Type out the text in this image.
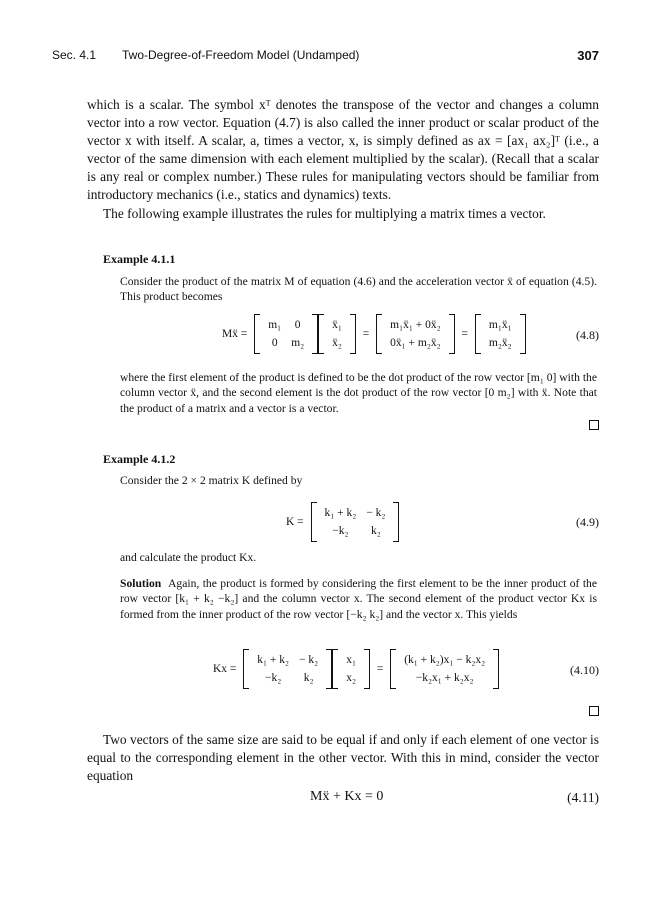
Sec. 4.1 Two-Degree-of-Freedom Model (Undamped)	307

which is a scalar. The symbol xᵀ denotes the transpose of the vector and changes a column vector into a row vector. Equation (4.7) is also called the inner product or scalar product of the vector x with itself. A scalar, a, times a vector, x, is simply defined as ax = [ax₁ ax₂]ᵀ (i.e., a vector of the same dimension with each element multiplied by the scalar). (Recall that a scalar is any real or complex number.) These rules for manipulating vectors should be familiar from introductory mechanics (i.e., statics and dynamics) texts.

The following example illustrates the rules for multiplying a matrix times a vector.

Example 4.1.1

Consider the product of the matrix M of equation (4.6) and the acceleration vector ẍ of equation (4.5). This product becomes

Mẍ =
m₁	0
0	m₂
ẍ₁
ẍ₂
=
m₁ẍ₁ + 0ẍ₂
0ẍ₁ + m₂ẍ₂
=
m₁ẍ₁
m₂ẍ₂
(4.8)

where the first element of the product is defined to be the dot product of the row vector [m₁ 0] with the column vector ẍ, and the second element is the dot product of the row vector [0 m₂] with ẍ. Note that the product of a matrix and a vector is a vector.

Example 4.1.2

Consider the 2 × 2 matrix K defined by

K =
k₁ + k₂	− k₂
−k₂	k₂
(4.9)

and calculate the product Kx.

Solution Again, the product is formed by considering the first element to be the inner product of the row vector [k₁ + k₂ −k₂] and the column vector x. The second element of the product vector Kx is formed from the inner product of the row vector [−k₂ k₂] and the vector x. This yields

Kx =
k₁ + k₂	− k₂
−k₂	k₂
x₁
x₂
=
(k₁ + k₂)x₁ − k₂x₂
−k₂x₁ + k₂x₂
(4.10)

Two vectors of the same size are said to be equal if and only if each element of one vector is equal to the corresponding element in the other vector. With this in mind, consider the vector equation

Mẍ + Kx = 0	(4.11)
